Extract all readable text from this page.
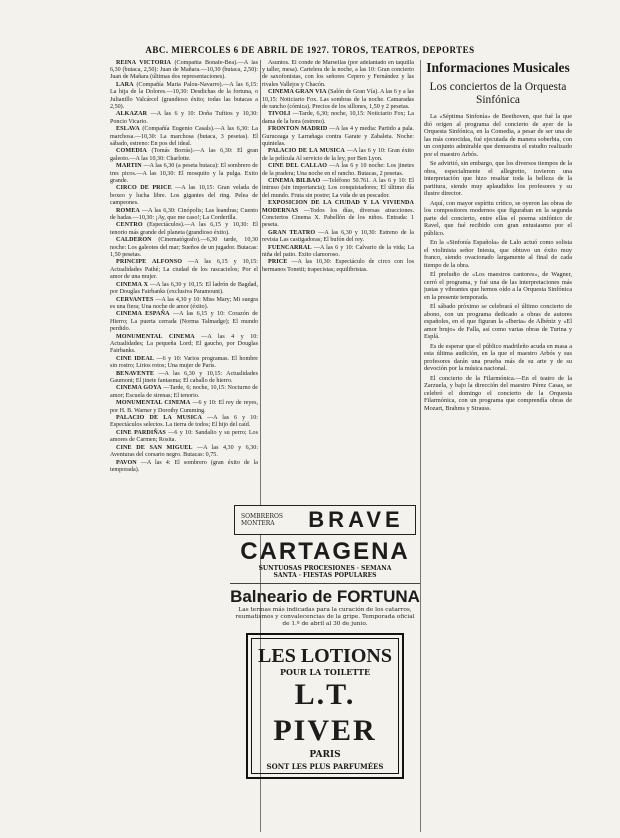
ABC. MIERCOLES 6 DE ABRIL DE 1927. TOROS, TEATROS, DEPORTES
REINA VICTORIA (Compañía Bonafe-Bea).—A las 6,30 (butaca, 2,50): Juan de Mañara.—10,30 (butaca, 2,50): Juan de Mañara (últimas dos representaciones).
LARA (Compañía Maria Palou-Navarro).—A las 6,15: La hija de la Dolores.—10,30: Desdichas de la fortuna, o Julianillo Valcárcel (grandioso éxito; todas las butacas a 2,50).
ALKAZAR —A las 6 y 10: Doña Tufitos y 10,30: Poncio Vicario.
ESLAVA (Compañía Eugenio Casals).—A las 6,30: La marchosa.—10,30: La marchosa (butaca, 3 pesetas). El sábado, estreno: En pos del ideal.
COMEDIA (Tomás Borrás).—A las 6,30: El gran galeoto.—A las 10,30: Charlotte.
MARTIN —A las 6,30 (a peseta butaca): El sombrero de tres picos.—A las 10,30: El mosquito y la pulga. Exito grande.
CIRCO DE PRICE —A las 10,15: Gran velada de boxeo y lucha libre. Los gigantes del ring. Pelea de campeones.
ROMEA —A las 6,30: Cinópolis; Las leandras; Cuento de hadas.—10,30: ¡Ay, que me caso!; La Corderilla.
CENTRO (Espectáculos).—A las 6,15 y 10,30: El tenorio más grande del planeta (grandioso éxito).
CALDERON (Cinematógrafo).—6,30 tarde, 10,30 noche: Los galeotes del mar; Sueños de un jugador. Butacas: 1,50 pesetas.
PRINCIPE ALFONSO —A las 6,15 y 10,15: Actualidades Pathé; La ciudad de los rascacielos; Por el amor de una mujer.
CINEMA X —A las 6,30 y 10,15: El ladrón de Bagdad, por Douglas Fairbanks (exclusiva Paramount).
CERVANTES —A las 4,30 y 10: Miss Mary; Mi suegra es una fiera; Una noche de amor (éxito).
CINEMA ESPAÑA —A las 6,15 y 10: Corazón de Hierro; La puerta cerrada (Norma Talmadge); El mundo perdido.
MONUMENTAL CINEMA —A las 4 y 10: Actualidades; La pequeña Lord; El gaucho, por Douglas Fairbanks.
CINE IDEAL —6 y 10: Varios programas. El hombre sin rostro; Lirios rotos; Una mujer de París.
BENAVENTE —A las 6,30 y 10,15: Actualidades Gaumont; El jinete fantasma; El caballo de hierro.
CINEMA GOYA —Tarde, 6; noche, 10,15: Nocturno de amor; Escuela de sirenas; El tenorio.
MONUMENTAL CINEMA —6 y 10: El rey de reyes, por H. B. Warner y Dorothy Cumming.
PALACIO DE LA MUSICA —A las 6 y 10: Espectáculos selectos. La tierra de todos; El hijo del caíd.
CINE PARDIÑAS —6 y 10: Sandalio y su perro; Los amores de Carmen; Rosita.
CINE DE SAN MIGUEL —A las 4,30 y 6,30: Aventuras del corsario negro. Butacas: 0,75.
PAVON —A las 4: El sombrero (gran éxito de la temporada).
Asuntos. El conde de Marsellas (por adelantado en taquilla y taller, mesa). Cartelera de la noche, a las 10: Gran concierto de saxofonistas, con los señores Cepero y Fernández y las rivales Vallejos y Chacón.
CINEMA GRAN VIA (Salón de Gran Vía). A las 6 y a las 10,15: Noticiario Fox. Las sombras de la noche. Camaradas de rancho (cómica). Precios de los sillones, 1,50 y 2 pesetas.
TIVOLI —Tarde, 6,30; noche, 10,15: Noticiario Fox; La dama de la hora (estreno).
FRONTON MADRID —A las 4 y media: Partido a pala. Guruceaga y Larrañaga contra Garate y Zabaleta. Noche: quinielas.
PALACIO DE LA MUSICA —A las 6 y 10: Gran éxito de la película Al servicio de la ley, por Ben Lyon.
CINE DEL CALLAO —A las 6 y 10 noche: Los jinetes de la pradera; Una noche en el rancho. Butacas, 2 pesetas.
CINEMA BILBAO —Teléfono 50.761. A las 6 y 10: El intruso (sin importancia); Los conquistadores; El último día del mundo. Fruta sin postre; La vida de un pescador.
EXPOSICION DE LA CIUDAD Y LA VIVIENDA MODERNAS —Todos los días, diversas atracciones. Conciertos Cinema X. Pabellón de los niños. Entrada: 1 peseta.
GRAN TEATRO —A las 6,30 y 10,30: Estreno de la revista Las castigadoras; El bufón del rey.
FUENCARRAL —A las 6 y 10: Calvario de la vida; La niña del patio. Exito clamoroso.
PRICE —A las 10,30: Espectáculo de circo con los hermanos Tonetti; trapecistas; equilibristas.
SOMBREROS MONTERA	BRAVE
CARTAGENA
SUNTUOSAS PROCESIONES · SEMANA
SANTA · FIESTAS POPULARES
Balneario de FORTUNA
Las termas más indicadas para la curación de los catarros, reumatismos y convalecencias de la gripe. Temporada oficial de 1.º de abril al 30 de junio.
LES LOTIONS
POUR LA TOILETTE
L.T. PIVER
PARIS
SONT LES PLUS PARFUMÉES
Informaciones Musicales
Los conciertos de la Orquesta Sinfónica

La «Séptima Sinfonía» de Beethoven, que fué la que dió origen al programa del concierto de ayer de la Orquesta Sinfónica, en la Comedia, a pesar de ser una de las más conocidas, fué ejecutada de manera soberbia, con un conjunto admirable que demuestra el estudio realizado por el maestro Arbós.

Se advirtió, sin embargo, que los diversos tiempos de la obra, especialmente el allegretto, tuvieron una interpretación que hizo resaltar toda la belleza de la partitura, siendo muy aplaudidos los profesores y su ilustre director.

Aquí, con mayor espíritu crítico, se oyeron las obras de los compositores modernos que figuraban en la segunda parte del concierto, entre ellas el poema sinfónico de Ravel, que fué recibido con gran entusiasmo por el público.

En la «Sinfonía Española» de Lalo actuó como solista el violinista señor Iniesta, que obtuvo un éxito muy franco, siendo ovacionado largamente al final de cada tiempo de la obra.

El preludio de «Los maestros cantores», de Wagner, cerró el programa, y fué una de las interpretaciones más justas y vibrantes que hemos oído a la Orquesta Sinfónica en la presente temporada.

El sábado próximo se celebrará el último concierto de abono, con un programa dedicado a obras de autores españoles, en el que figuran la «Iberia» de Albéniz y «El amor brujo» de Falla, así como varias obras de Turina y Esplá.

Es de esperar que el público madrileño acuda en masa a esta última audición, en la que el maestro Arbós y sus profesores darán una prueba más de su arte y de su devoción por la música nacional.

El concierto de la Filarmónica.—En el teatro de la Zarzuela, y bajo la dirección del maestro Pérez Casas, se celebró el domingo el concierto de la Orquesta Filarmónica, con un programa que comprendía obras de Mozart, Brahms y Strauss.
